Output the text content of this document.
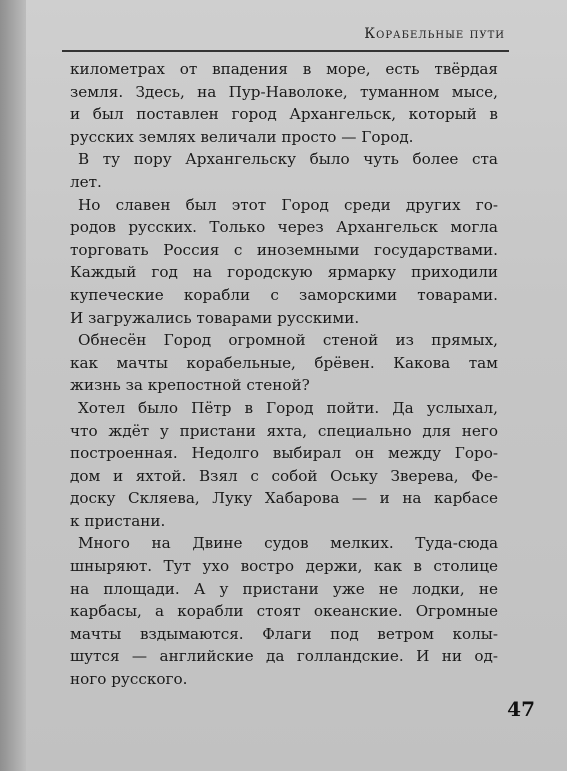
Корабельные пути

километрах от впадения в море, есть твёрдая
земля. Здесь, на Пур-Наволоке, туманном мысе,
и был поставлен город Архангельск, который в
русских землях величали просто — Город.

В ту пору Архангельску было чуть более ста
лет.

Но славен был этот Город среди других го-
родов русских. Только через Архангельск могла
торговать Россия с иноземными государствами.
Каждый год на городскую ярмарку приходили
купеческие корабли с заморскими товарами.
И загружались товарами русскими.

Обнесён Город огромной стеной из прямых,
как мачты корабельные, брёвен. Какова там
жизнь за крепостной стеной?

Хотел было Пётр в Город пойти. Да услыхал,
что ждёт у пристани яхта, специально для него
построенная. Недолго выбирал он между Горо-
дом и яхтой. Взял с собой Оську Зверева, Фе-
доску Скляева, Луку Хабарова — и на карбасе
к пристани.

Много на Двине судов мелких. Туда-сюда
шныряют. Тут ухо востро держи, как в столице
на площади. А у пристани уже не лодки, не
карбасы, а корабли стоят океанские. Огромные
мачты вздымаются. Флаги под ветром колы-
шутся — английские да голландские. И ни од-
ного русского.

47
